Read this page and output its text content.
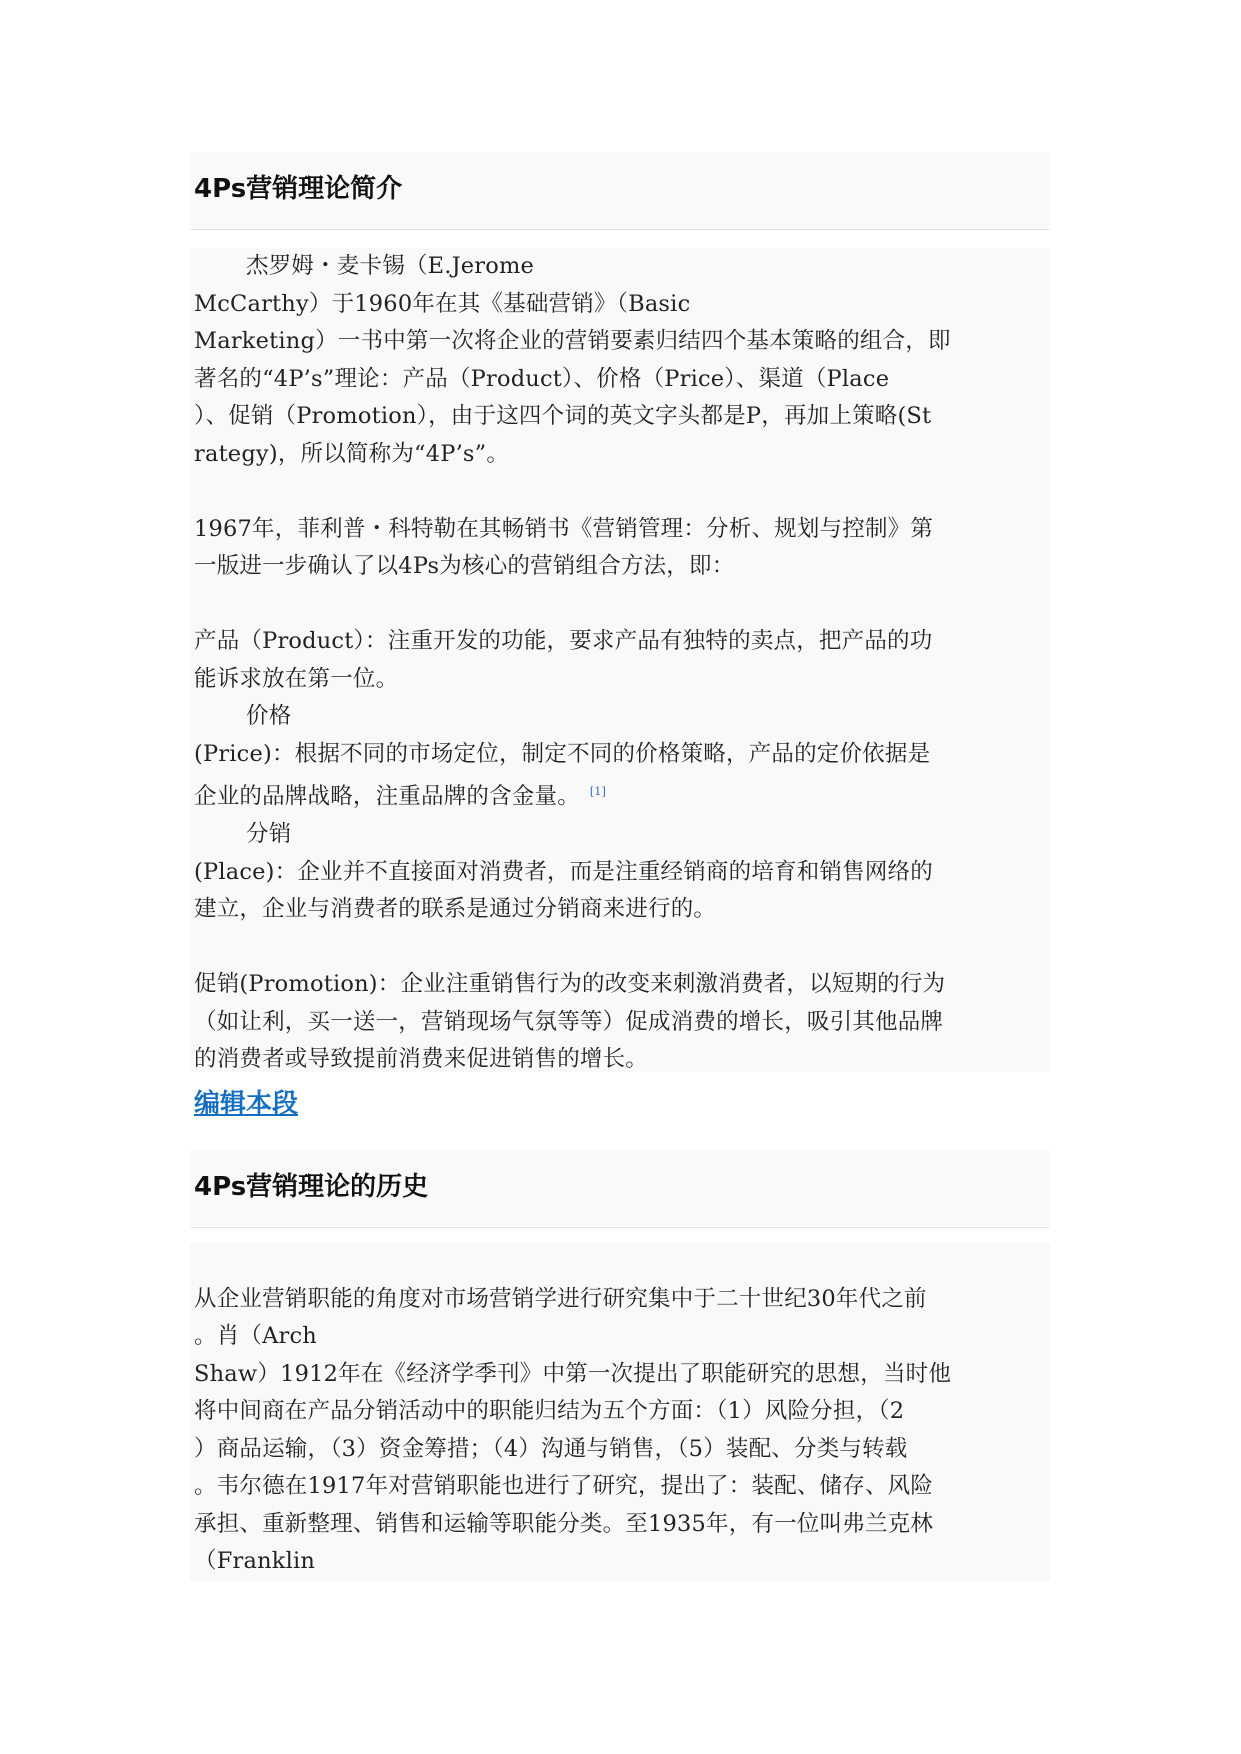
4Ps营销理论简介

杰罗姆・麦卡锡（E.Jerome

McCarthy）于1960年在其《基础营销》（Basic

Marketing）一书中第一次将企业的营销要素归结四个基本策略的组合，即

著名的“4P’s”理论：产品（Product）、价格（Price）、渠道（Place

）、促销（Promotion），由于这四个词的英文字头都是P，再加上策略(St

rategy)，所以简称为“4P’s”。

1967年，菲利普・科特勒在其畅销书《营销管理：分析、规划与控制》第

一版进一步确认了以4Ps为核心的营销组合方法，即：

产品（Product）：注重开发的功能，要求产品有独特的卖点，把产品的功

能诉求放在第一位。

价格

(Price)：根据不同的市场定位，制定不同的价格策略，产品的定价依据是

企业的品牌战略，注重品牌的含金量。 [1]

分销

(Place)：企业并不直接面对消费者，而是注重经销商的培育和销售网络的

建立，企业与消费者的联系是通过分销商来进行的。

促销(Promotion)：企业注重销售行为的改变来刺激消费者，以短期的行为

（如让利，买一送一，营销现场气氛等等）促成消费的增长，吸引其他品牌

的消费者或导致提前消费来促进销售的增长。

编辑本段
4Ps营销理论的历史

从企业营销职能的角度对市场营销学进行研究集中于二十世纪30年代之前

。肖（Arch

Shaw）1912年在《经济学季刊》中第一次提出了职能研究的思想，当时他

将中间商在产品分销活动中的职能归结为五个方面：（1）风险分担，（2

）商品运输，（3）资金筹措；（4）沟通与销售，（5）装配、分类与转载

。韦尔德在1917年对营销职能也进行了研究，提出了：装配、储存、风险

承担、重新整理、销售和运输等职能分类。至1935年，有一位叫弗兰克林

（Franklin
